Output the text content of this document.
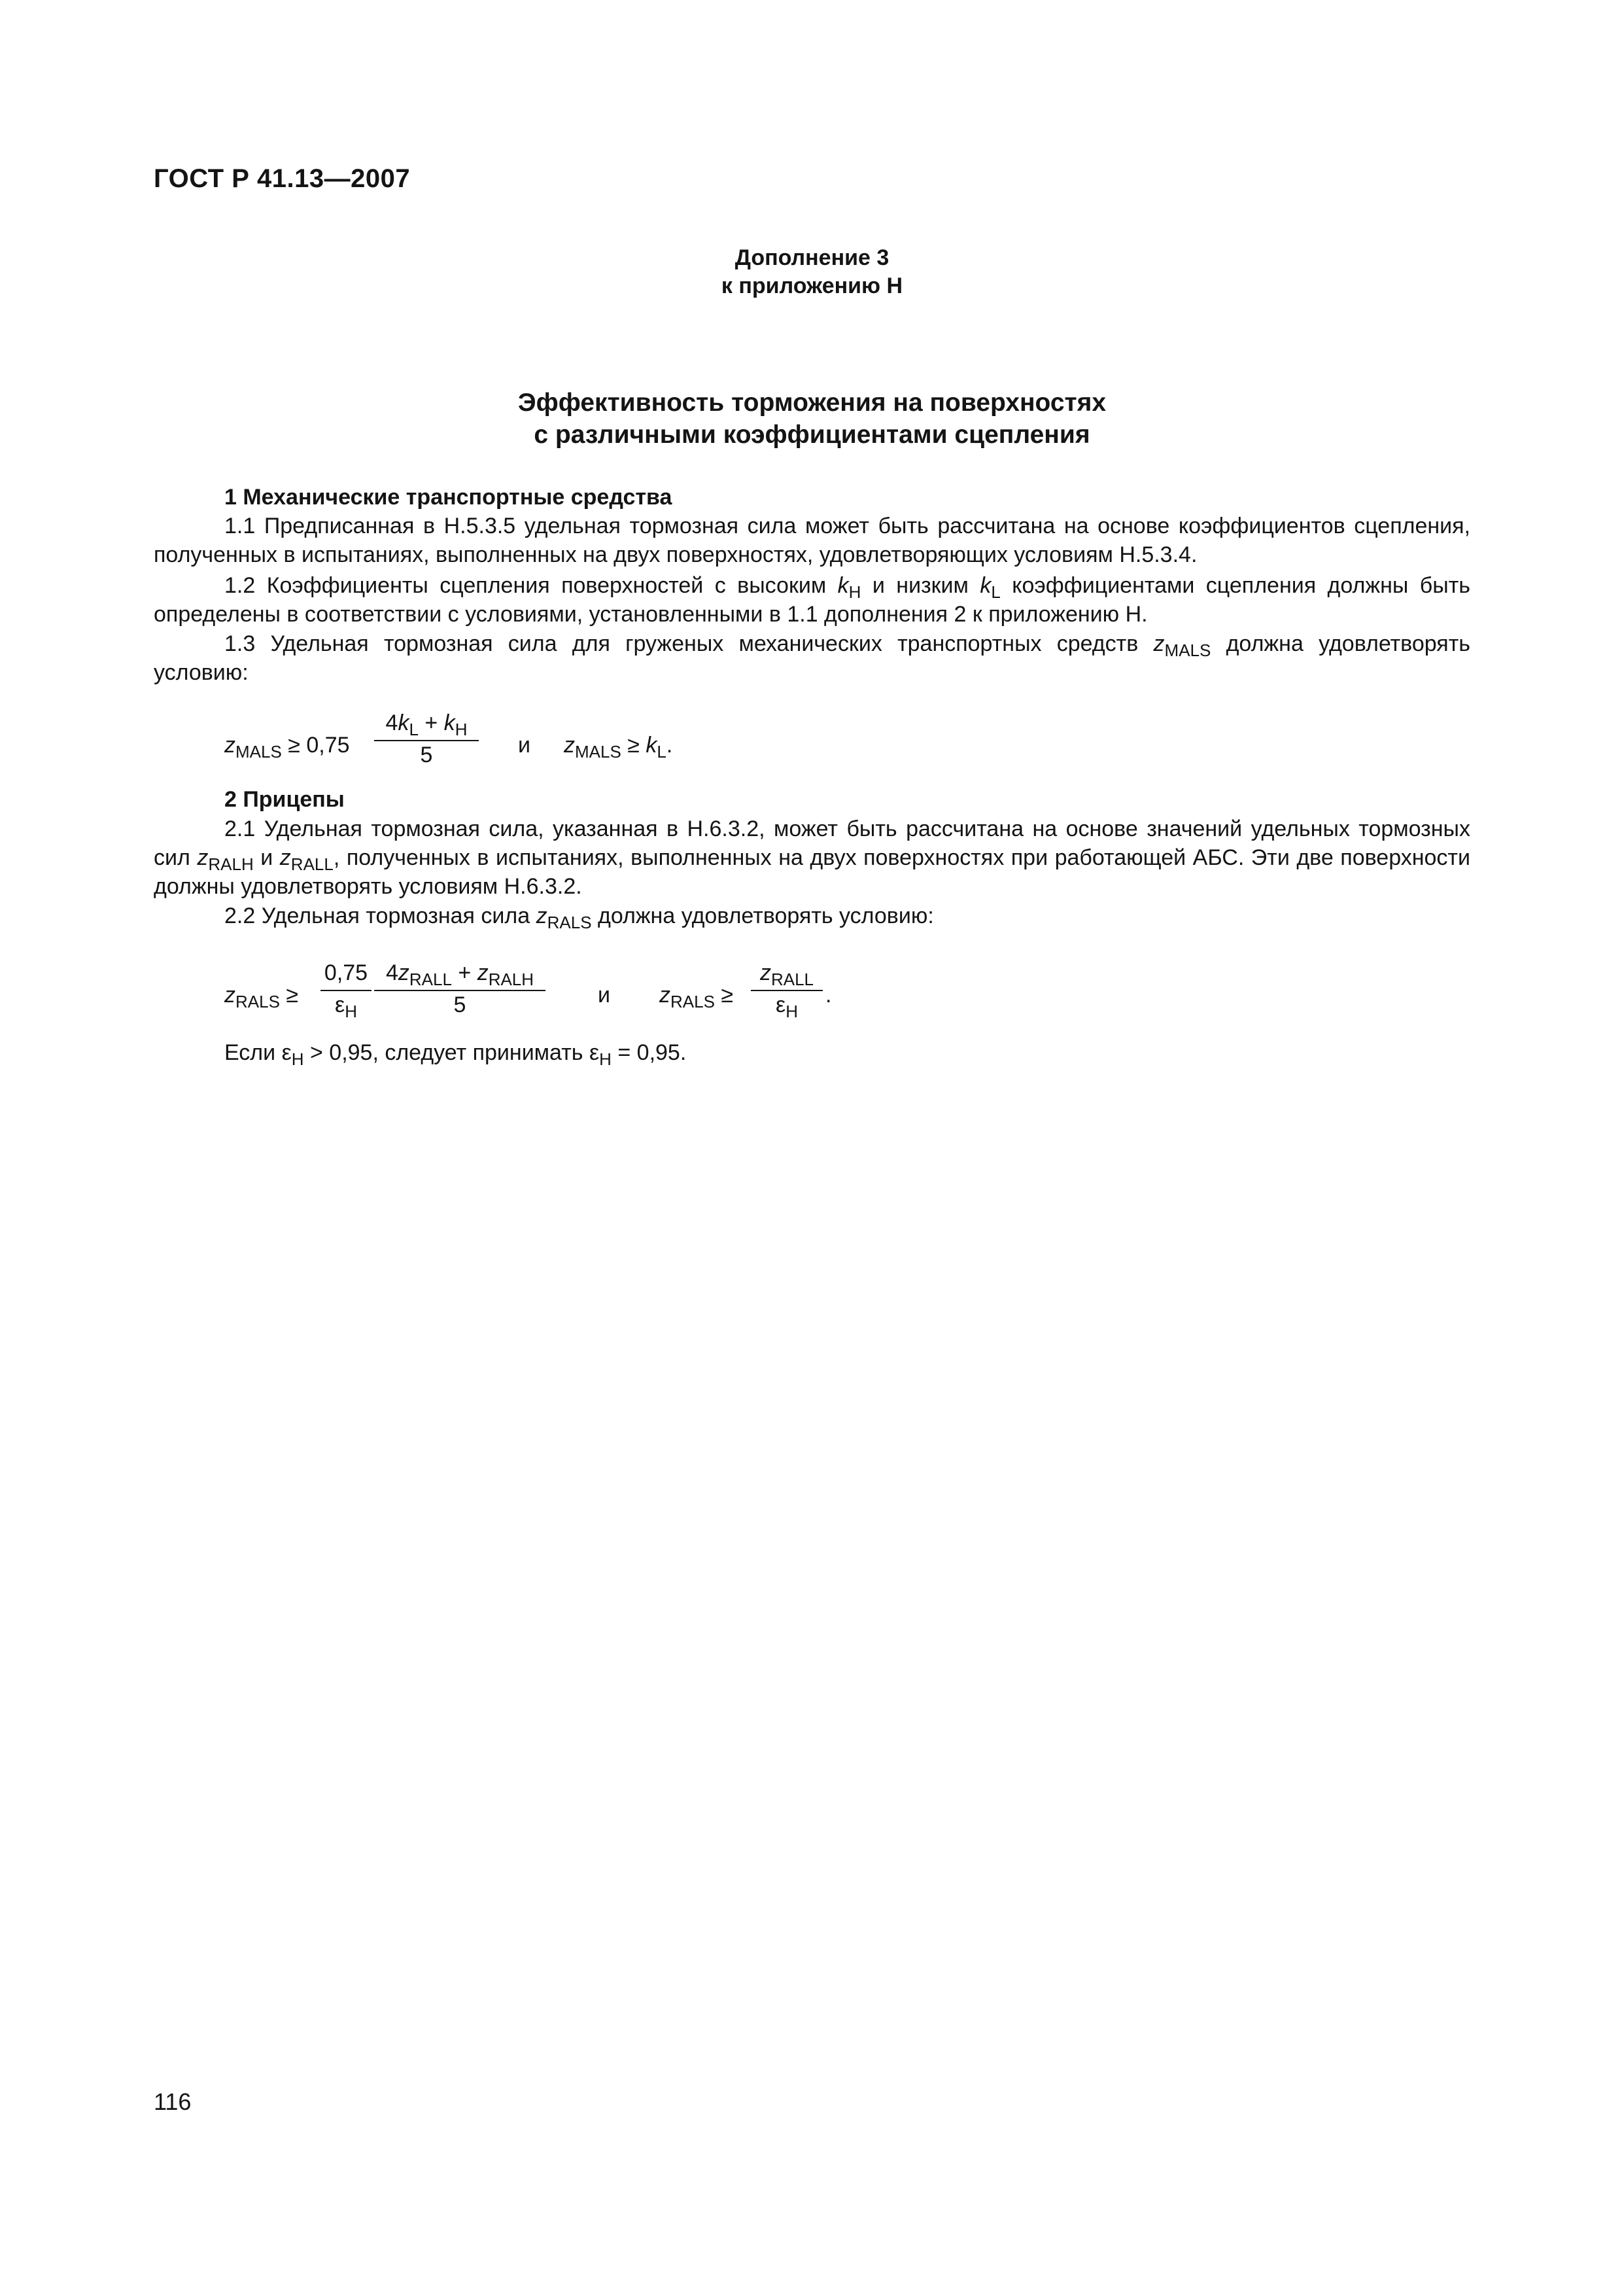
ГОСТ Р 41.13—2007
Дополнение 3
к приложению H
Эффективность торможения на поверхностях
с различными коэффициентами сцепления
1 Механические транспортные средства
1.1 Предписанная в H.5.3.5 удельная тормозная сила может быть рассчитана на основе коэффициентов сцепления, полученных в испытаниях, выполненных на двух поверхностях, удовлетворяющих условиям H.5.3.4.
1.2 Коэффициенты сцепления поверхностей с высоким $k_H$ и низким $k_L$ коэффициентами сцепления должны быть определены в соответствии с условиями, установленными в 1.1 дополнения 2 к приложению H.
1.3 Удельная тормозная сила для груженых механических транспортных средств $z_{MALS}$ должна удовлетворять условию:
$z_{MALS} \ge 0,75$
$4k_L + k_H$
5	и $z_{MALS} \ge k_L$.
2 Прицепы
2.1 Удельная тормозная сила, указанная в H.6.3.2, может быть рассчитана на основе значений удельных тормозных сил $z_{RALH}$ и $z_{RALL}$, полученных в испытаниях, выполненных на двух поверхностях при работающей АБС. Эти две поверхности должны удовлетворять условиям H.6.3.2.
2.2 Удельная тормозная сила $z_{RALS}$ должна удовлетворять условию:
$z_{RALS}$ ≥
0,75
$\varepsilon_H$
$4z_{RALL} + z_{RALH}$
5	и $z_{RALS}$ ≥
$z_{RALL}$
$\varepsilon_H$
.
Если $\varepsilon_H > 0,95$, следует принимать $\varepsilon_H = 0,95$.
116
